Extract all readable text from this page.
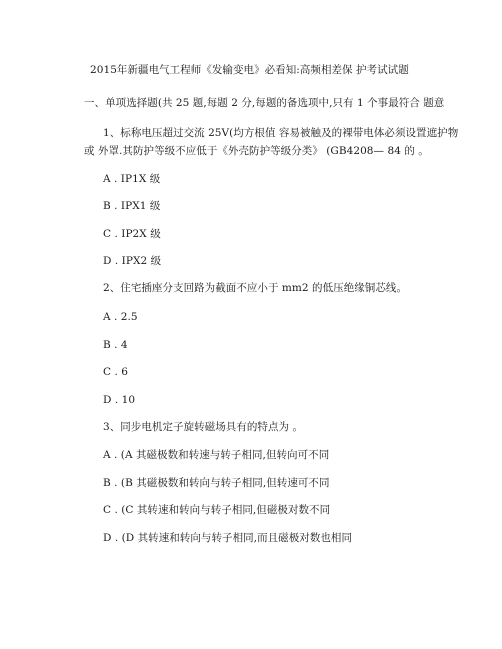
2015年新疆电气工程师《发输变电》必看知:高频相差保 护考试试题
一、单项选择题(共 25 题,每题 2 分,每题的备选项中,只有 1 个事最符合 题意
1、标称电压超过交流 25V(均方根值 容易被触及的裸带电体必须设置遮护物
或 外罩.其防护等级不应低于《外壳防护等级分类》 (GB4208— 84 的 。
A . IP1X 级
B . IPX1 级
C . IP2X 级
D . IPX2 级
2、住宅插座分支回路为截面不应小于 mm2 的低压绝缘铜芯线。
A . 2.5
B . 4
C . 6
D . 10
3、同步电机定子旋转磁场具有的特点为 。
A . (A 其磁极数和转速与转子相同,但转向可不同
B . (B 其磁极数和转向与转子相同,但转速可不同
C . (C 其转速和转向与转子相同,但磁极对数不同
D . (D 其转速和转向与转子相同,而且磁极对数也相同
